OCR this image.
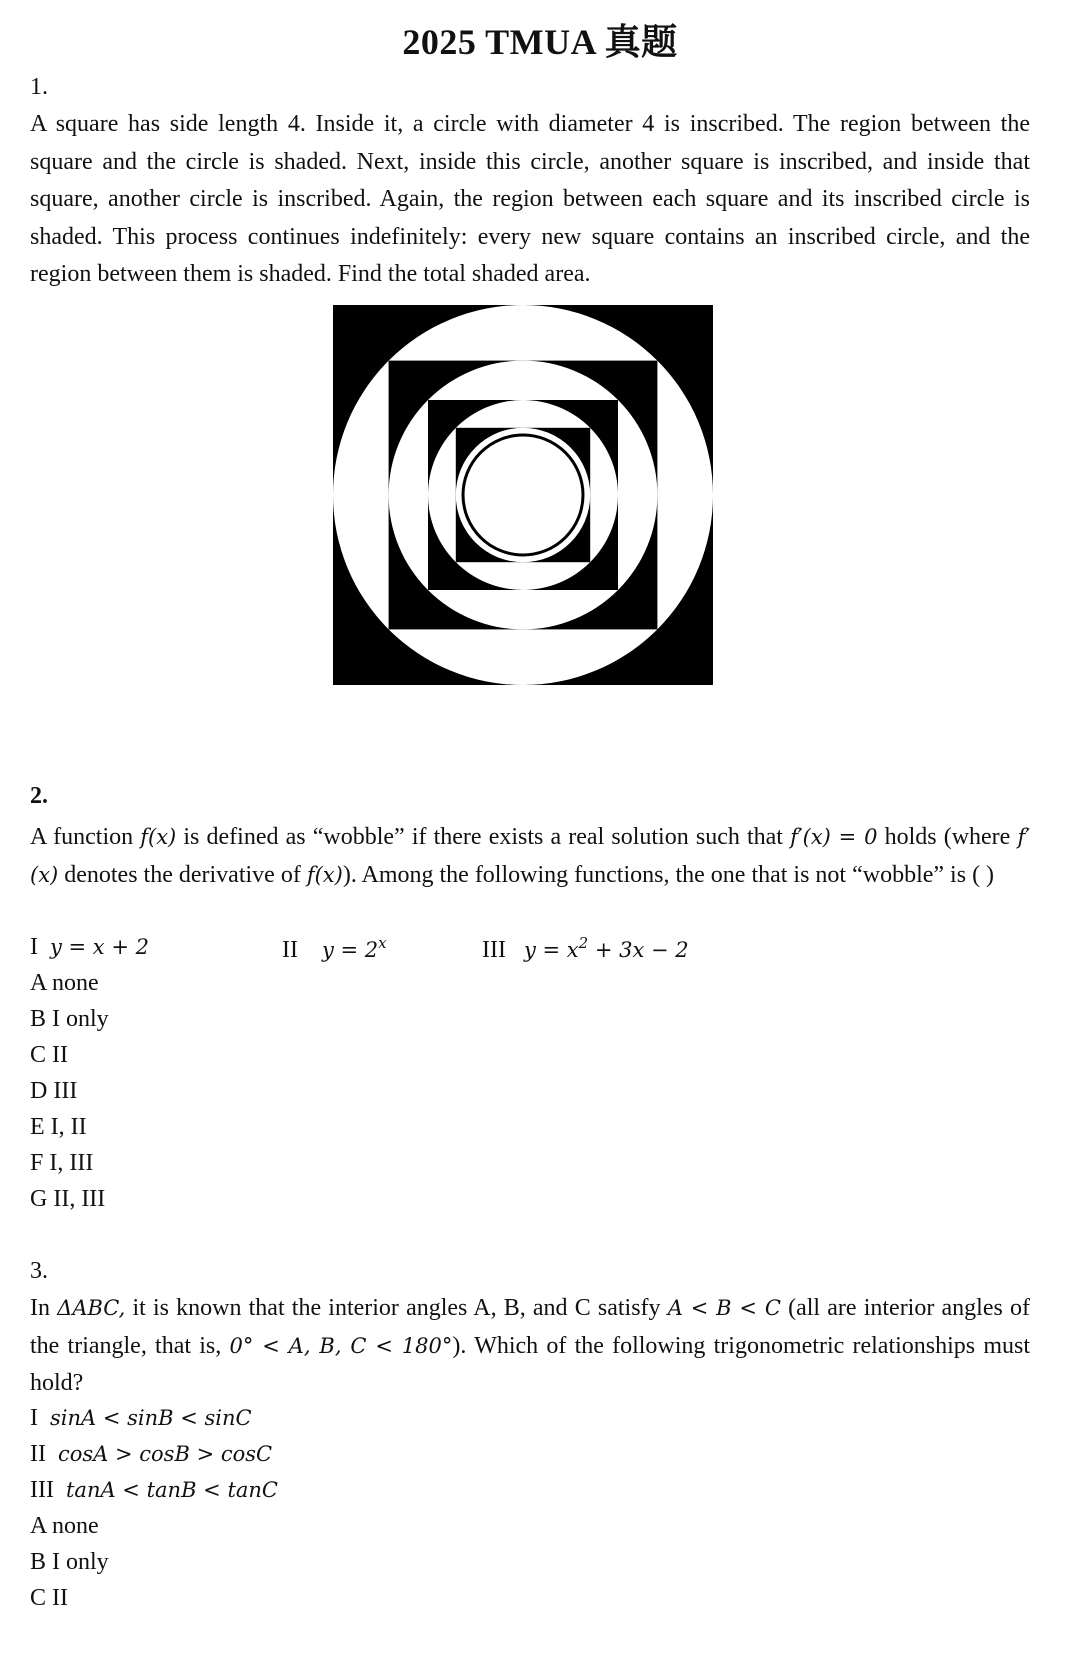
2025 TMUA 真题
1.
A square has side length 4. Inside it, a circle with diameter 4 is inscribed. The region between the square and the circle is shaded. Next, inside this circle, another square is inscribed, and inside that square, another circle is inscribed. Again, the region between each square and its inscribed circle is shaded. This process continues indefinitely: every new square contains an inscribed circle, and the region between them is shaded. Find the total shaded area.
2.
A function f(x) is defined as “wobble” if there exists a real solution such that f′(x) = 0 holds (where f′(x) denotes the derivative of f(x)). Among the following functions, the one that is not “wobble” is ( )
I y = x + 2	II $y = 2^x$	III $y = x^2 + 3x - 2$
A none
B I only
C II
D III
E I, II
F I, III
G II, III
3.
In ΔABC, it is known that the interior angles A, B, and C satisfy A < B < C (all are interior angles of the triangle, that is, 0° < A, B, C < 180°). Which of the following trigonometric relationships must hold?
I sinA < sinB < sinC
II cosA > cosB > cosC
III tanA < tanB < tanC
A none
B I only
C II
